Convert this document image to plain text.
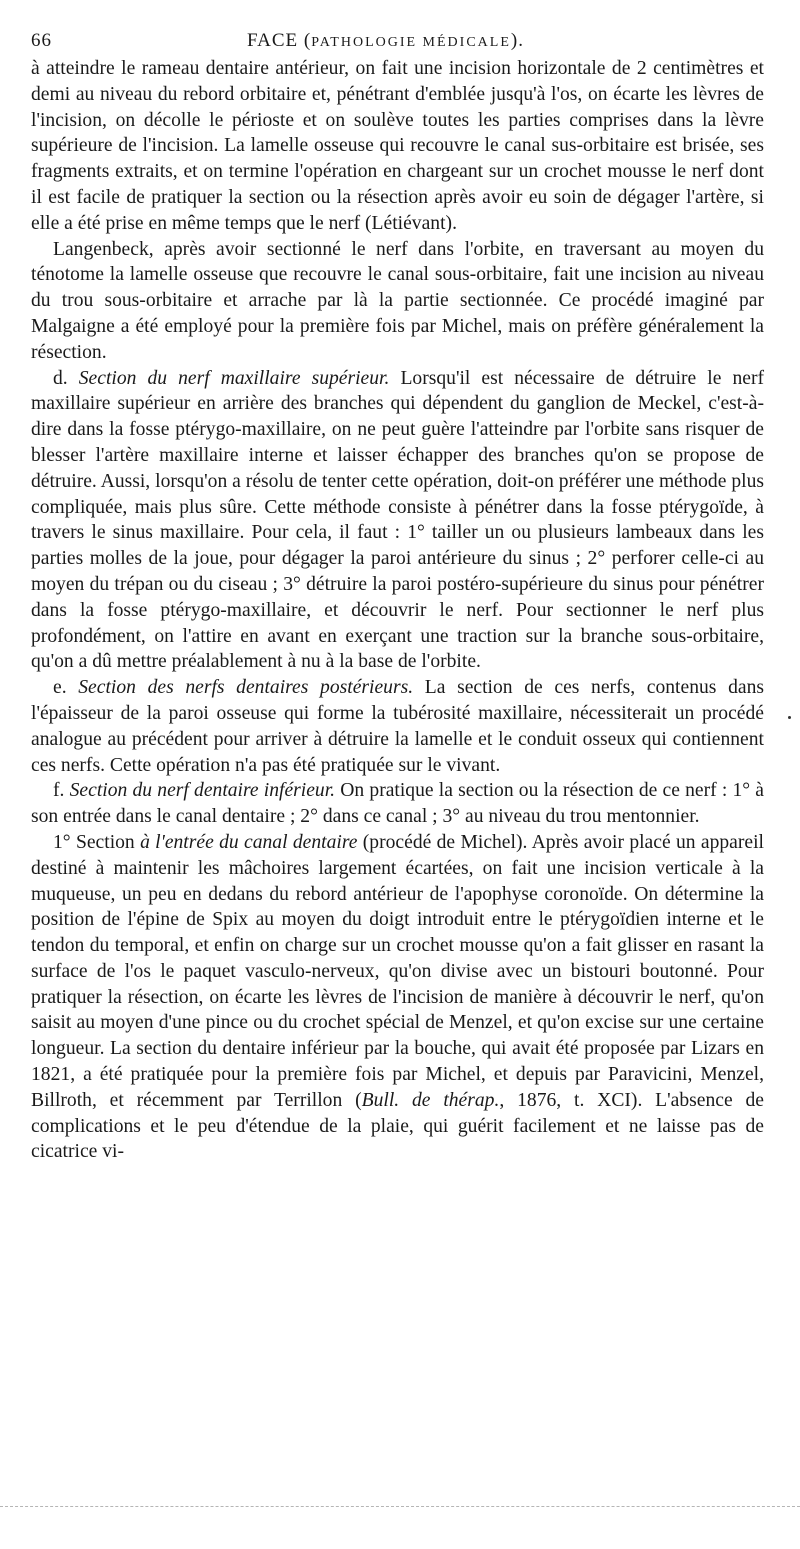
66	FACE (PATHOLOGIE MÉDICALE).

à atteindre le rameau dentaire antérieur, on fait une incision horizontale de 2 centimètres et demi au niveau du rebord orbitaire et, pénétrant d'emblée jusqu'à l'os, on écarte les lèvres de l'incision, on décolle le périoste et on soulève toutes les parties comprises dans la lèvre supérieure de l'incision. La lamelle osseuse qui recouvre le canal sus-orbitaire est brisée, ses fragments extraits, et on termine l'opération en chargeant sur un crochet mousse le nerf dont il est facile de pratiquer la section ou la résection après avoir eu soin de dégager l'artère, si elle a été prise en même temps que le nerf (Létiévant).

Langenbeck, après avoir sectionné le nerf dans l'orbite, en traversant au moyen du ténotome la lamelle osseuse que recouvre le canal sous-orbitaire, fait une incision au niveau du trou sous-orbitaire et arrache par là la partie sectionnée. Ce procédé imaginé par Malgaigne a été employé pour la première fois par Michel, mais on préfère généralement la résection.

d. Section du nerf maxillaire supérieur. Lorsqu'il est nécessaire de détruire le nerf maxillaire supérieur en arrière des branches qui dépendent du ganglion de Meckel, c'est-à-dire dans la fosse ptérygo-maxillaire, on ne peut guère l'atteindre par l'orbite sans risquer de blesser l'artère maxillaire interne et laisser échapper des branches qu'on se propose de détruire. Aussi, lorsqu'on a résolu de tenter cette opération, doit-on préférer une méthode plus compliquée, mais plus sûre. Cette méthode consiste à pénétrer dans la fosse ptérygoïde, à travers le sinus maxillaire. Pour cela, il faut : 1° tailler un ou plusieurs lambeaux dans les parties molles de la joue, pour dégager la paroi antérieure du sinus ; 2° perforer celle-ci au moyen du trépan ou du ciseau ; 3° détruire la paroi postéro-supérieure du sinus pour pénétrer dans la fosse ptérygo-maxillaire, et découvrir le nerf. Pour sectionner le nerf plus profondément, on l'attire en avant en exerçant une traction sur la branche sous-orbitaire, qu'on a dû mettre préalablement à nu à la base de l'orbite.

e. Section des nerfs dentaires postérieurs. La section de ces nerfs, contenus dans l'épaisseur de la paroi osseuse qui forme la tubérosité maxillaire, nécessiterait un procédé analogue au précédent pour arriver à détruire la lamelle et le conduit osseux qui contiennent ces nerfs. Cette opération n'a pas été pratiquée sur le vivant.

f. Section du nerf dentaire inférieur. On pratique la section ou la résection de ce nerf : 1° à son entrée dans le canal dentaire ; 2° dans ce canal ; 3° au niveau du trou mentonnier.

1° Section à l'entrée du canal dentaire (procédé de Michel). Après avoir placé un appareil destiné à maintenir les mâchoires largement écartées, on fait une incision verticale à la muqueuse, un peu en dedans du rebord antérieur de l'apophyse coronoïde. On détermine la position de l'épine de Spix au moyen du doigt introduit entre le ptérygoïdien interne et le tendon du temporal, et enfin on charge sur un crochet mousse qu'on a fait glisser en rasant la surface de l'os le paquet vasculo-nerveux, qu'on divise avec un bistouri boutonné. Pour pratiquer la résection, on écarte les lèvres de l'incision de manière à découvrir le nerf, qu'on saisit au moyen d'une pince ou du crochet spécial de Menzel, et qu'on excise sur une certaine longueur. La section du dentaire inférieur par la bouche, qui avait été proposée par Lizars en 1821, a été pratiquée pour la première fois par Michel, et depuis par Paravicini, Menzel, Billroth, et récemment par Terrillon (Bull. de thérap., 1876, t. XCI). L'absence de complications et le peu d'étendue de la plaie, qui guérit facilement et ne laisse pas de cicatrice vi-
